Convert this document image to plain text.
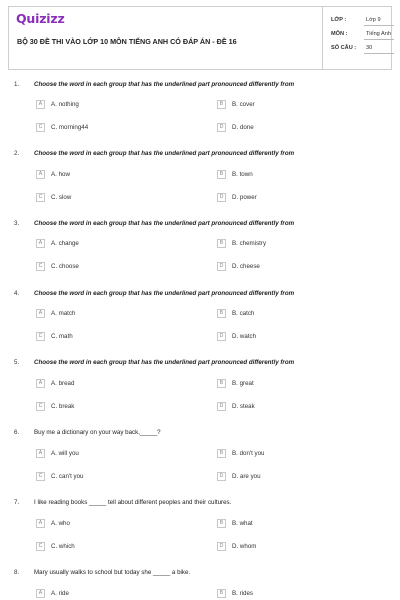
Quizizz
BỘ 30 ĐỀ THI VÀO LỚP 10 MÔN TIẾNG ANH CÓ ĐÁP ÁN - ĐỀ 16
LỚP :	Lớp 9
MÔN :	Tiếng Anh
SỐ CÂU : 30
1. Choose the word in each group that has the underlined part pronounced differently from
A	A. nothing	B	B. cover
C	C. morning44	D	D. done
2. Choose the word in each group that has the underlined part pronounced differently from
A	A. how	B	B. town
C	C. slow	D	D. power
3. Choose the word in each group that has the underlined part pronounced differently from
A	A. change	B	B. chemistry
C	C. choose	D	D. cheese
4. Choose the word in each group that has the underlined part pronounced differently from
A	A. match	B	B. catch
C	C. math	D	D. watch
5. Choose the word in each group that has the underlined part pronounced differently from
A	A. bread	B	B. great
C	C. break	D	D. steak
6. Buy me a dictionary on your way back,_____?
A	A. will you	B	B. don't you
C	C. can't you	D	D. are you
7. I like reading books _____ tell about different peoples and their cultures.
A	A. who	B	B. what
C	C. which	D	D. whom
8. Mary usually walks to school but today she _____ a bike.
A	A. ride	B	B. rides
